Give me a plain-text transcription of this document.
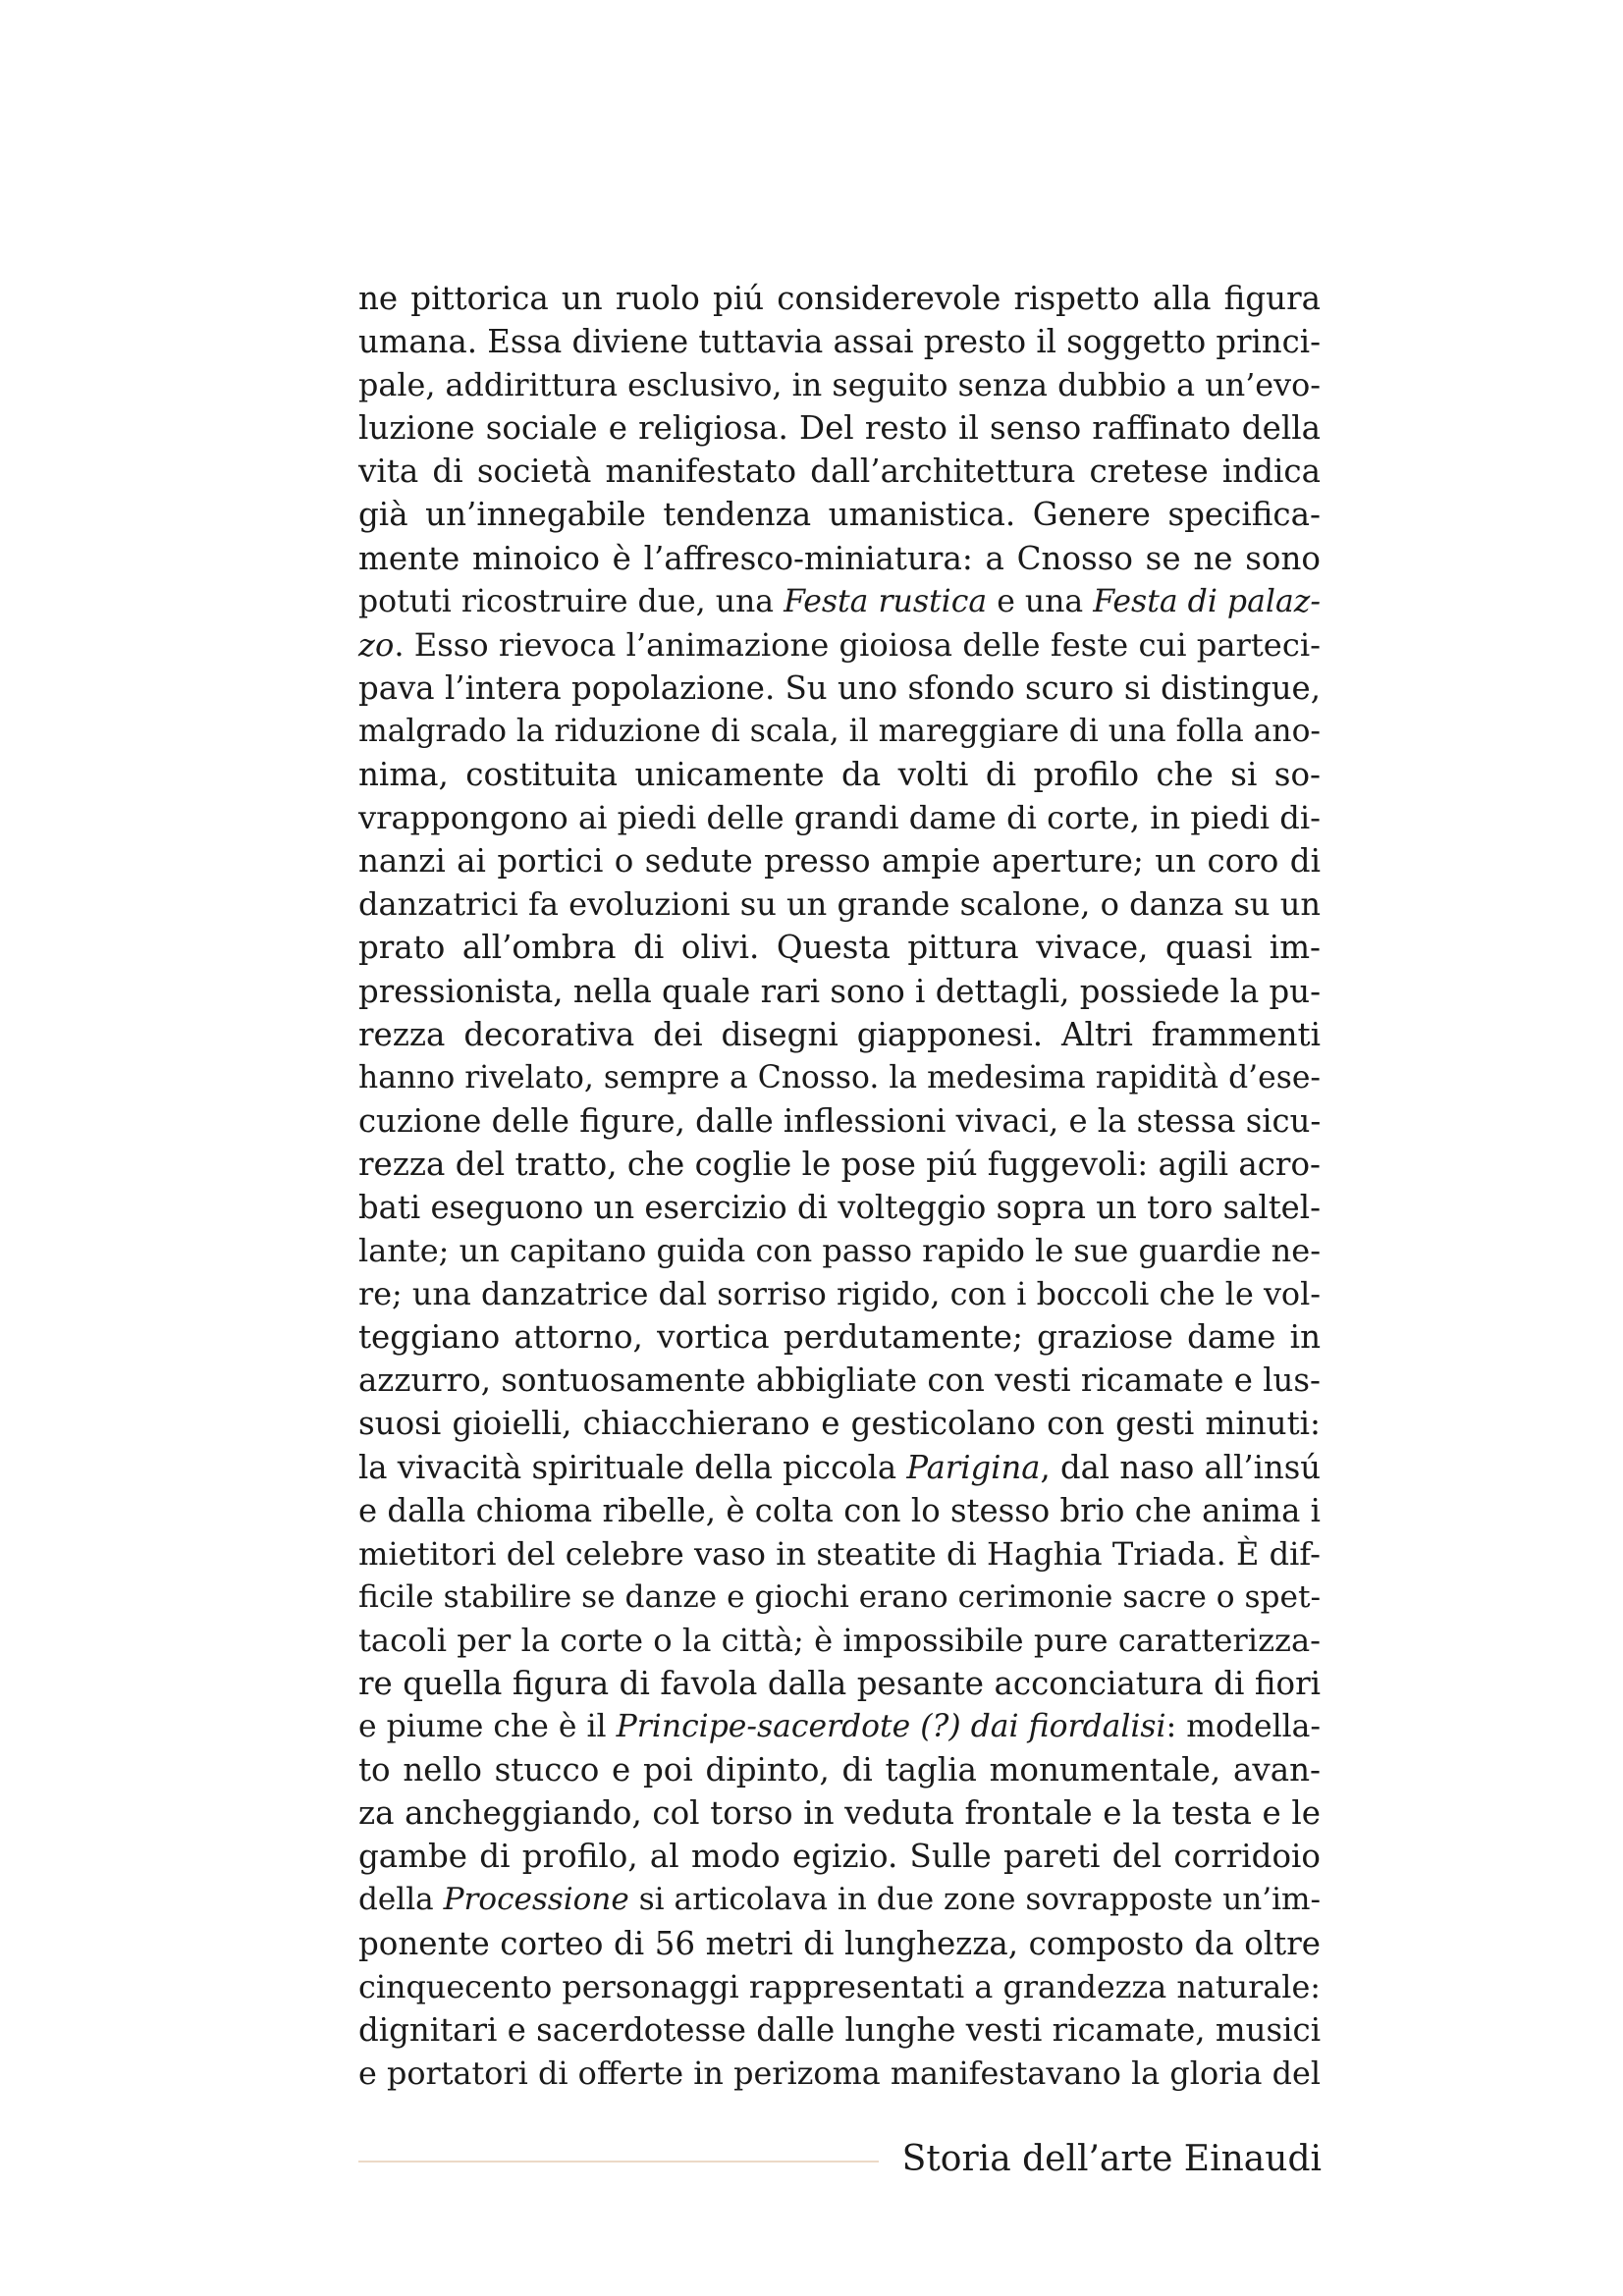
ne pittorica un ruolo piú considerevole rispetto alla figura
umana. Essa diviene tuttavia assai presto il soggetto princi-
pale, addirittura esclusivo, in seguito senza dubbio a un’evo-
luzione sociale e religiosa. Del resto il senso raffinato della
vita di società manifestato dall’architettura cretese indica
già un’innegabile tendenza umanistica. Genere specifica-
mente minoico è l’affresco-miniatura: a Cnosso se ne sono
potuti ricostruire due, una Festa rustica e una Festa di palaz-
zo. Esso rievoca l’animazione gioiosa delle feste cui parteci-
pava l’intera popolazione. Su uno sfondo scuro si distingue,
malgrado la riduzione di scala, il mareggiare di una folla ano-
nima, costituita unicamente da volti di profilo che si so-
vrappongono ai piedi delle grandi dame di corte, in piedi di-
nanzi ai portici o sedute presso ampie aperture; un coro di
danzatrici fa evoluzioni su un grande scalone, o danza su un
prato all’ombra di olivi. Questa pittura vivace, quasi im-
pressionista, nella quale rari sono i dettagli, possiede la pu-
rezza decorativa dei disegni giapponesi. Altri frammenti
hanno rivelato, sempre a Cnosso. la medesima rapidità d’ese-
cuzione delle figure, dalle inflessioni vivaci, e la stessa sicu-
rezza del tratto, che coglie le pose piú fuggevoli: agili acro-
bati eseguono un esercizio di volteggio sopra un toro saltel-
lante; un capitano guida con passo rapido le sue guardie ne-
re; una danzatrice dal sorriso rigido, con i boccoli che le vol-
teggiano attorno, vortica perdutamente; graziose dame in
azzurro, sontuosamente abbigliate con vesti ricamate e lus-
suosi gioielli, chiacchierano e gesticolano con gesti minuti:
la vivacità spirituale della piccola Parigina, dal naso all’insú
e dalla chioma ribelle, è colta con lo stesso brio che anima i
mietitori del celebre vaso in steatite di Haghia Triada. È dif-
ficile stabilire se danze e giochi erano cerimonie sacre o spet-
tacoli per la corte o la città; è impossibile pure caratterizza-
re quella figura di favola dalla pesante acconciatura di fiori
e piume che è il Principe-sacerdote (?) dai fiordalisi: modella-
to nello stucco e poi dipinto, di taglia monumentale, avan-
za ancheggiando, col torso in veduta frontale e la testa e le
gambe di profilo, al modo egizio. Sulle pareti del corridoio
della Processione si articolava in due zone sovrapposte un’im-
ponente corteo di 56 metri di lunghezza, composto da oltre
cinquecento personaggi rappresentati a grandezza naturale:
dignitari e sacerdotesse dalle lunghe vesti ricamate, musici
e portatori di offerte in perizoma manifestavano la gloria del
Storia dell’arte Einaudi
